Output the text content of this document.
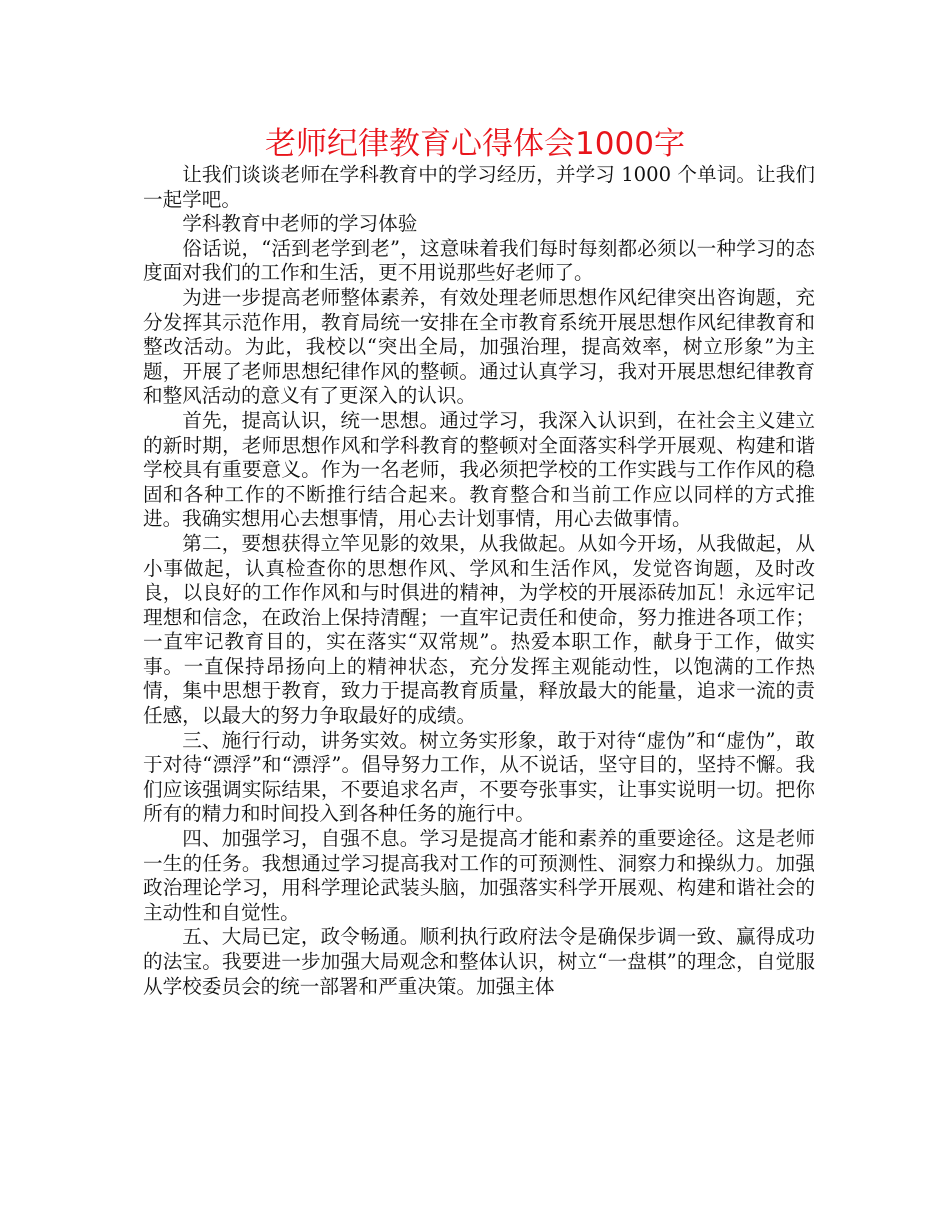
老师纪律教育心得体会1000字

让我们谈谈老师在学科教育中的学习经历，并学习 1000 个单词。让我们一起学吧。

学科教育中老师的学习体验

俗话说，“活到老学到老”，这意味着我们每时每刻都必须以一种学习的态度面对我们的工作和生活，更不用说那些好老师了。

为进一步提高老师整体素养，有效处理老师思想作风纪律突出咨询题，充分发挥其示范作用，教育局统一安排在全市教育系统开展思想作风纪律教育和整改活动。为此，我校以“突出全局，加强治理，提高效率，树立形象”为主题，开展了老师思想纪律作风的整顿。通过认真学习，我对开展思想纪律教育和整风活动的意义有了更深入的认识。

首先，提高认识，统一思想。通过学习，我深入认识到，在社会主义建立的新时期，老师思想作风和学科教育的整顿对全面落实科学开展观、构建和谐学校具有重要意义。作为一名老师，我必须把学校的工作实践与工作作风的稳固和各种工作的不断推行结合起来。教育整合和当前工作应以同样的方式推进。我确实想用心去想事情，用心去计划事情，用心去做事情。

第二，要想获得立竿见影的效果，从我做起。从如今开场，从我做起，从小事做起，认真检查你的思想作风、学风和生活作风，发觉咨询题，及时改良，以良好的工作作风和与时俱进的精神，为学校的开展添砖加瓦！永远牢记理想和信念，在政治上保持清醒；一直牢记责任和使命，努力推进各项工作；一直牢记教育目的，实在落实“双常规”。热爱本职工作，献身于工作，做实事。一直保持昂扬向上的精神状态，充分发挥主观能动性，以饱满的工作热情，集中思想于教育，致力于提高教育质量，释放最大的能量，追求一流的责任感，以最大的努力争取最好的成绩。

三、施行行动，讲务实效。树立务实形象，敢于对待“虚伪”和“虚伪”，敢于对待“漂浮”和“漂浮”。倡导努力工作，从不说话，坚守目的，坚持不懈。我们应该强调实际结果，不要追求名声，不要夸张事实，让事实说明一切。把你所有的精力和时间投入到各种任务的施行中。

四、加强学习，自强不息。学习是提高才能和素养的重要途径。这是老师一生的任务。我想通过学习提高我对工作的可预测性、洞察力和操纵力。加强政治理论学习，用科学理论武装头脑，加强落实科学开展观、构建和谐社会的主动性和自觉性。

五、大局已定，政令畅通。顺利执行政府法令是确保步调一致、赢得成功的法宝。我要进一步加强大局观念和整体认识，树立“一盘棋”的理念，自觉服从学校委员会的统一部署和严重决策。加强主体
